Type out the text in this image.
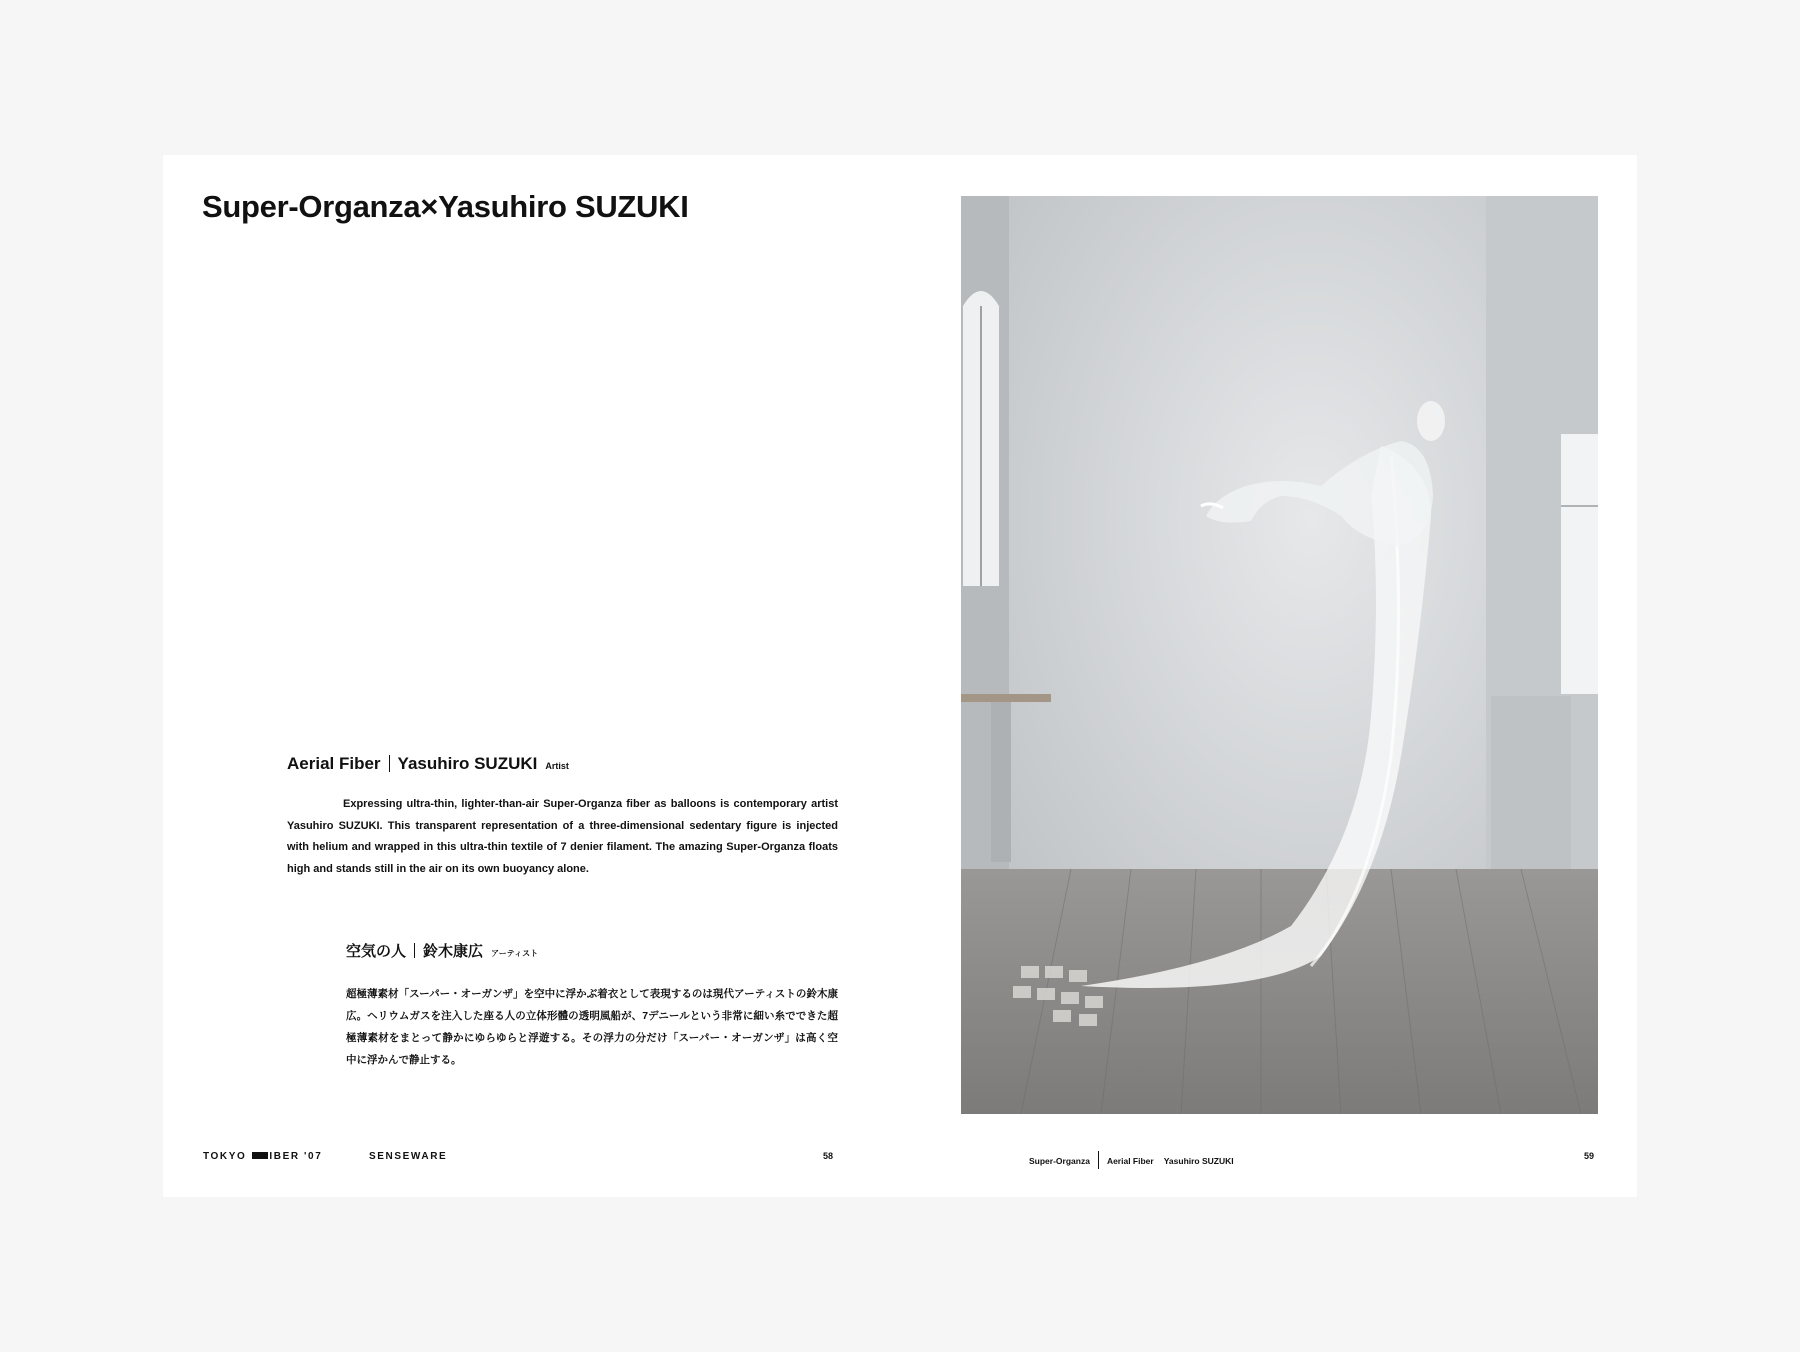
Super-Organza×Yasuhiro SUZUKI

Aerial Fiber Yasuhiro SUZUKI Artist

Expressing ultra-thin, lighter-than-air Super-Organza fiber as balloons is contemporary artist Yasuhiro SUZUKI. This transparent representation of a three-dimensional sedentary figure is injected with helium and wrapped in this ultra-thin textile of 7 denier filament. The amazing Super-Organza floats high and stands still in the air on its own buoyancy alone.

空気の人 鈴木康広 アーティスト

超極薄素材「スーパー・オーガンザ」を空中に浮かぶ着衣として表現するのは現代アーティストの鈴木康広。ヘリウムガスを注入した座る人の立体形體の透明風船が、7デニールという非常に細い糸でできた超極薄素材をまとって静かにゆらゆらと浮遊する。その浮力の分だけ「スーパー・オーガンザ」は高く空中に浮かんで静止する。

TOKYO IBER '07	SENSEWARE	58	Super-Organza Aerial Fiber Yasuhiro SUZUKI	59
